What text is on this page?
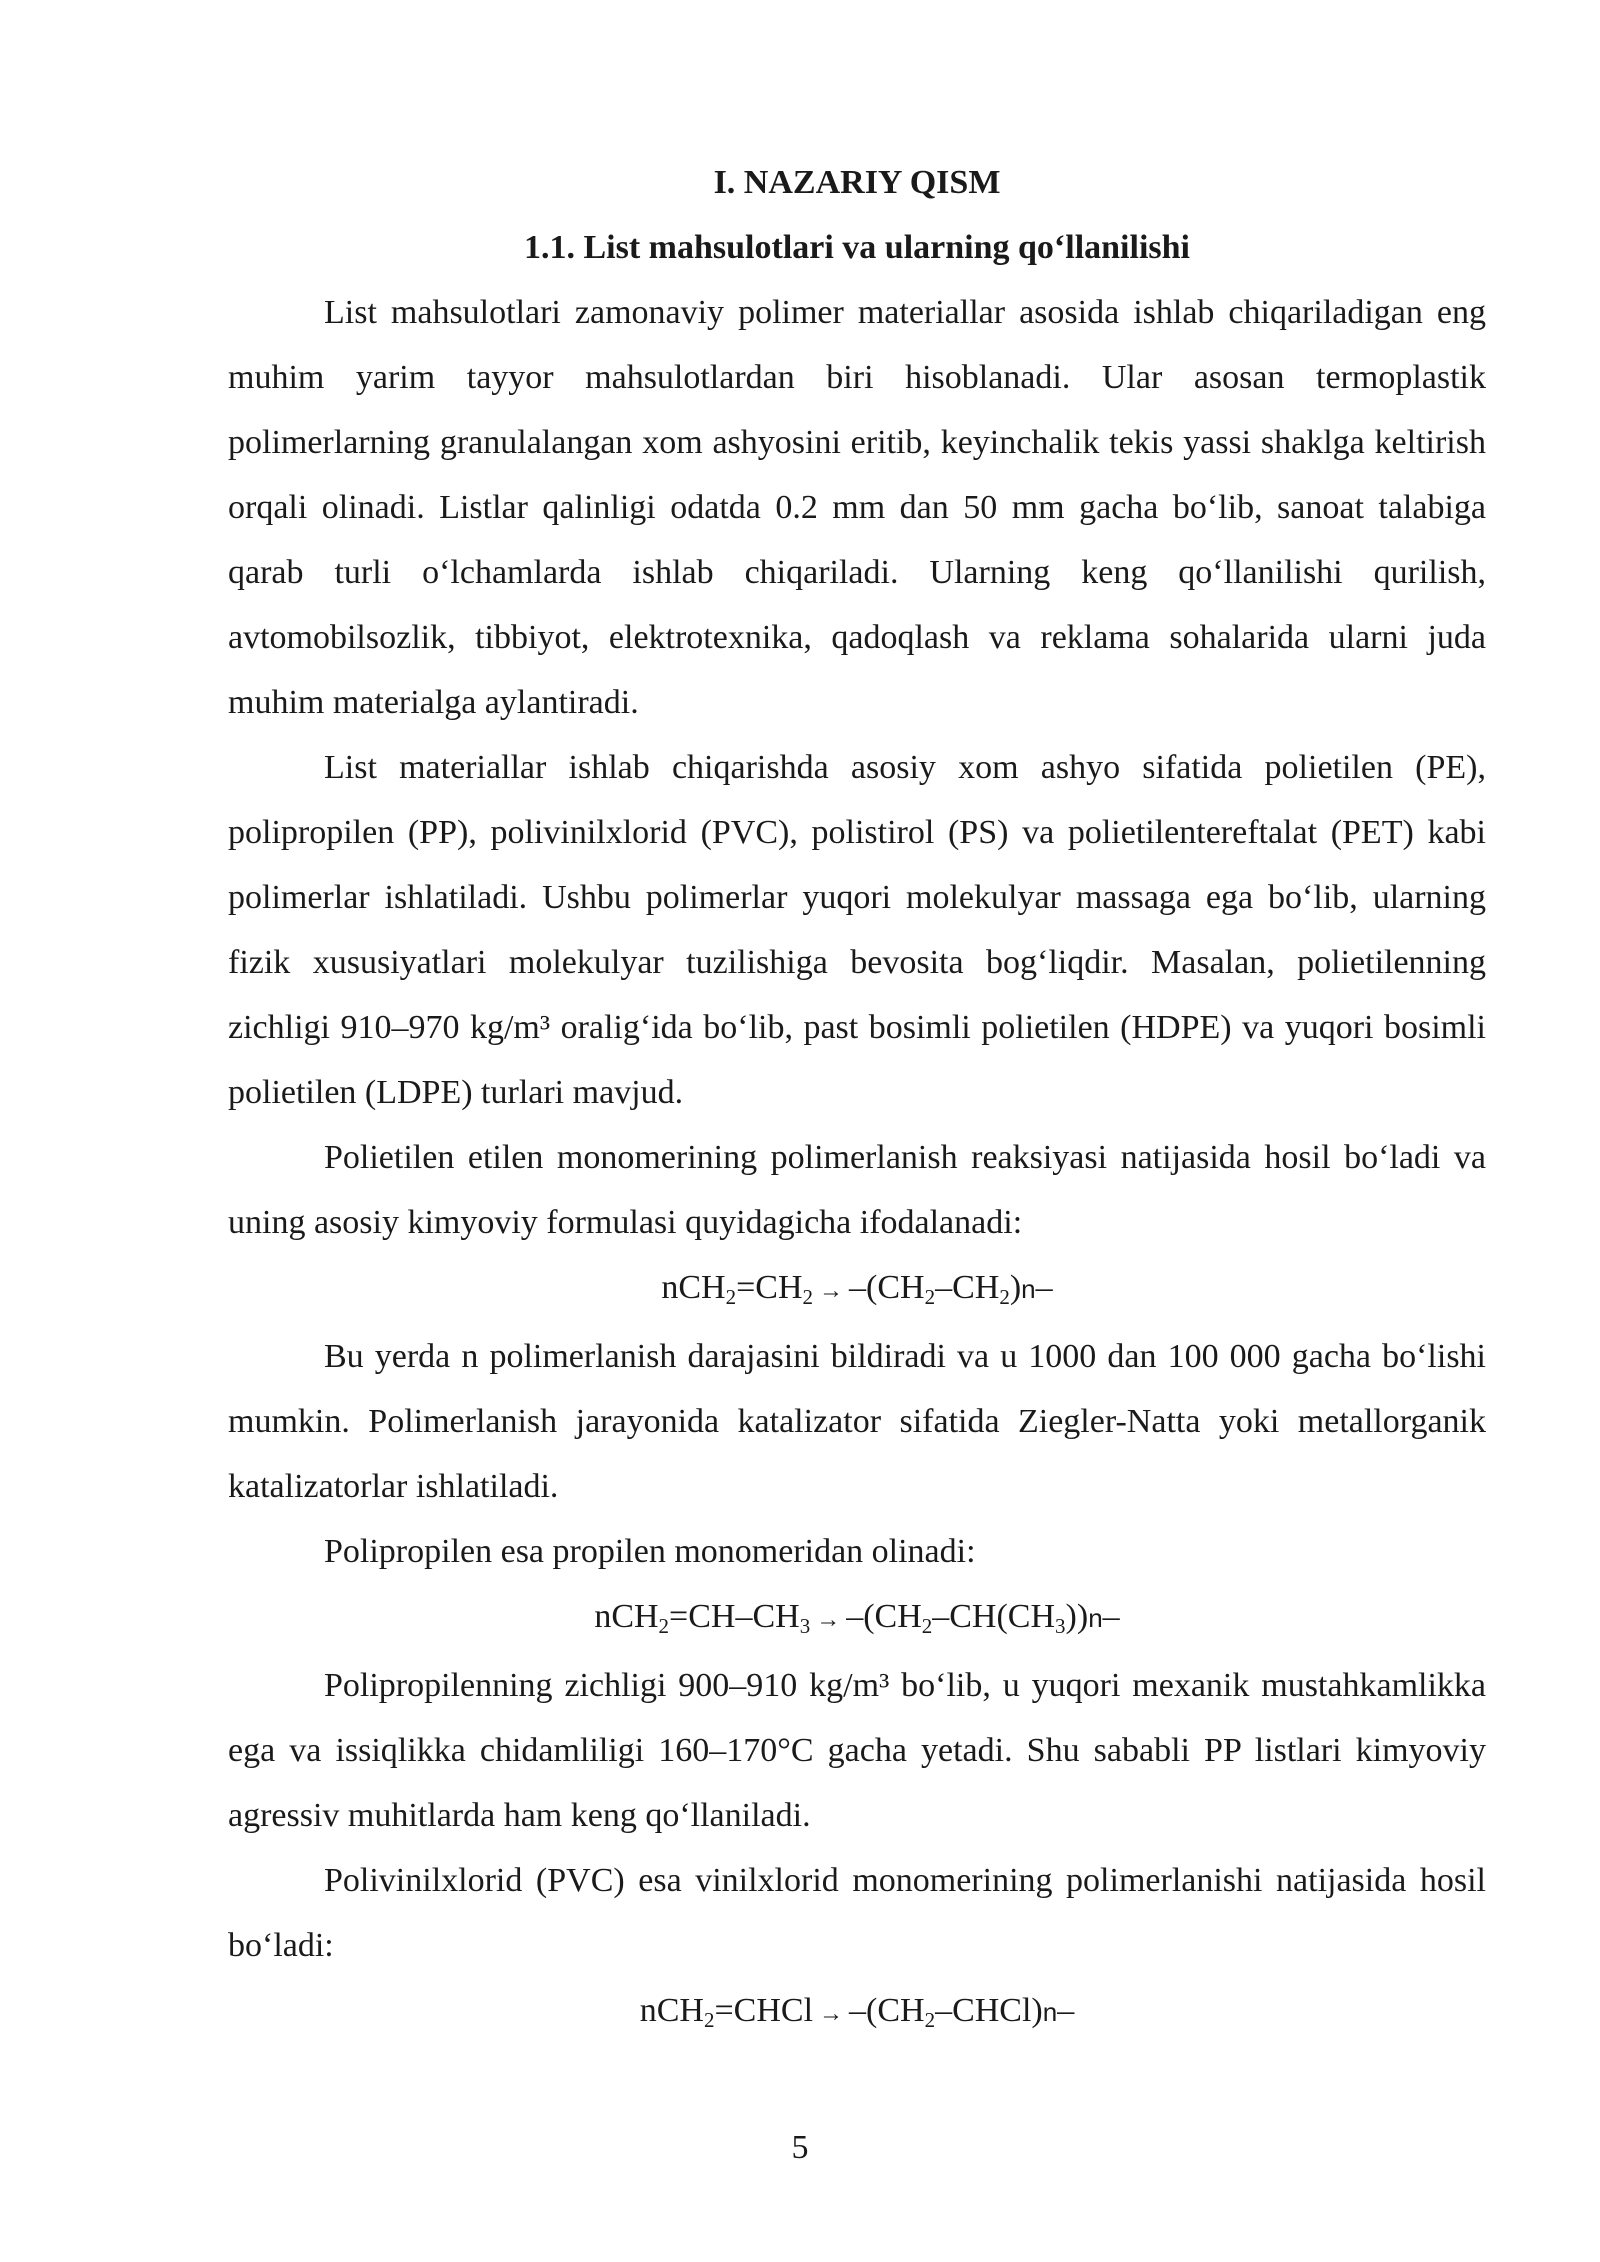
I. NAZARIY QISM

1.1. List mahsulotlari va ularning qo‘llanilishi

List mahsulotlari zamonaviy polimer materiallar asosida ishlab chiqariladigan eng muhim yarim tayyor mahsulotlardan biri hisoblanadi. Ular asosan termoplastik polimerlarning granulalangan xom ashyosini eritib, keyinchalik tekis yassi shaklga keltirish orqali olinadi. Listlar qalinligi odatda 0.2 mm dan 50 mm gacha bo‘lib, sanoat talabiga qarab turli o‘lchamlarda ishlab chiqariladi. Ularning keng qo‘llanilishi qurilish, avtomobilsozlik, tibbiyot, elektrotexnika, qadoqlash va reklama sohalarida ularni juda muhim materialga aylantiradi.

List materiallar ishlab chiqarishda asosiy xom ashyo sifatida polietilen (PE), polipropilen (PP), polivinilxlorid (PVC), polistirol (PS) va polietilentereftalat (PET) kabi polimerlar ishlatiladi. Ushbu polimerlar yuqori molekulyar massaga ega bo‘lib, ularning fizik xususiyatlari molekulyar tuzilishiga bevosita bog‘liqdir. Masalan, polietilenning zichligi 910–970 kg/m³ oralig‘ida bo‘lib, past bosimli polietilen (HDPE) va yuqori bosimli polietilen (LDPE) turlari mavjud.

Polietilen etilen monomerining polimerlanish reaksiyasi natijasida hosil bo‘ladi va uning asosiy kimyoviy formulasi quyidagicha ifodalanadi:

$nCH_2=CH_2 \to -(CH_2-CH_2)n-$

Bu yerda n polimerlanish darajasini bildiradi va u 1000 dan 100 000 gacha bo‘lishi mumkin. Polimerlanish jarayonida katalizator sifatida Ziegler-Natta yoki metallorganik katalizatorlar ishlatiladi.

Polipropilen esa propilen monomeridan olinadi:

$nCH_2=CH-CH_3 \to -(CH_2-CH(CH_3))n-$

Polipropilenning zichligi 900–910 kg/m³ bo‘lib, u yuqori mexanik mustahkamlikka ega va issiqlikka chidamliligi 160–170°C gacha yetadi. Shu sababli PP listlari kimyoviy agressiv muhitlarda ham keng qo‘llaniladi.

Polivinilxlorid (PVC) esa vinilxlorid monomerining polimerlanishi natijasida hosil bo‘ladi:

nCH$_2$=CHCl → $-(CH_2-CHCl)n-$

5
